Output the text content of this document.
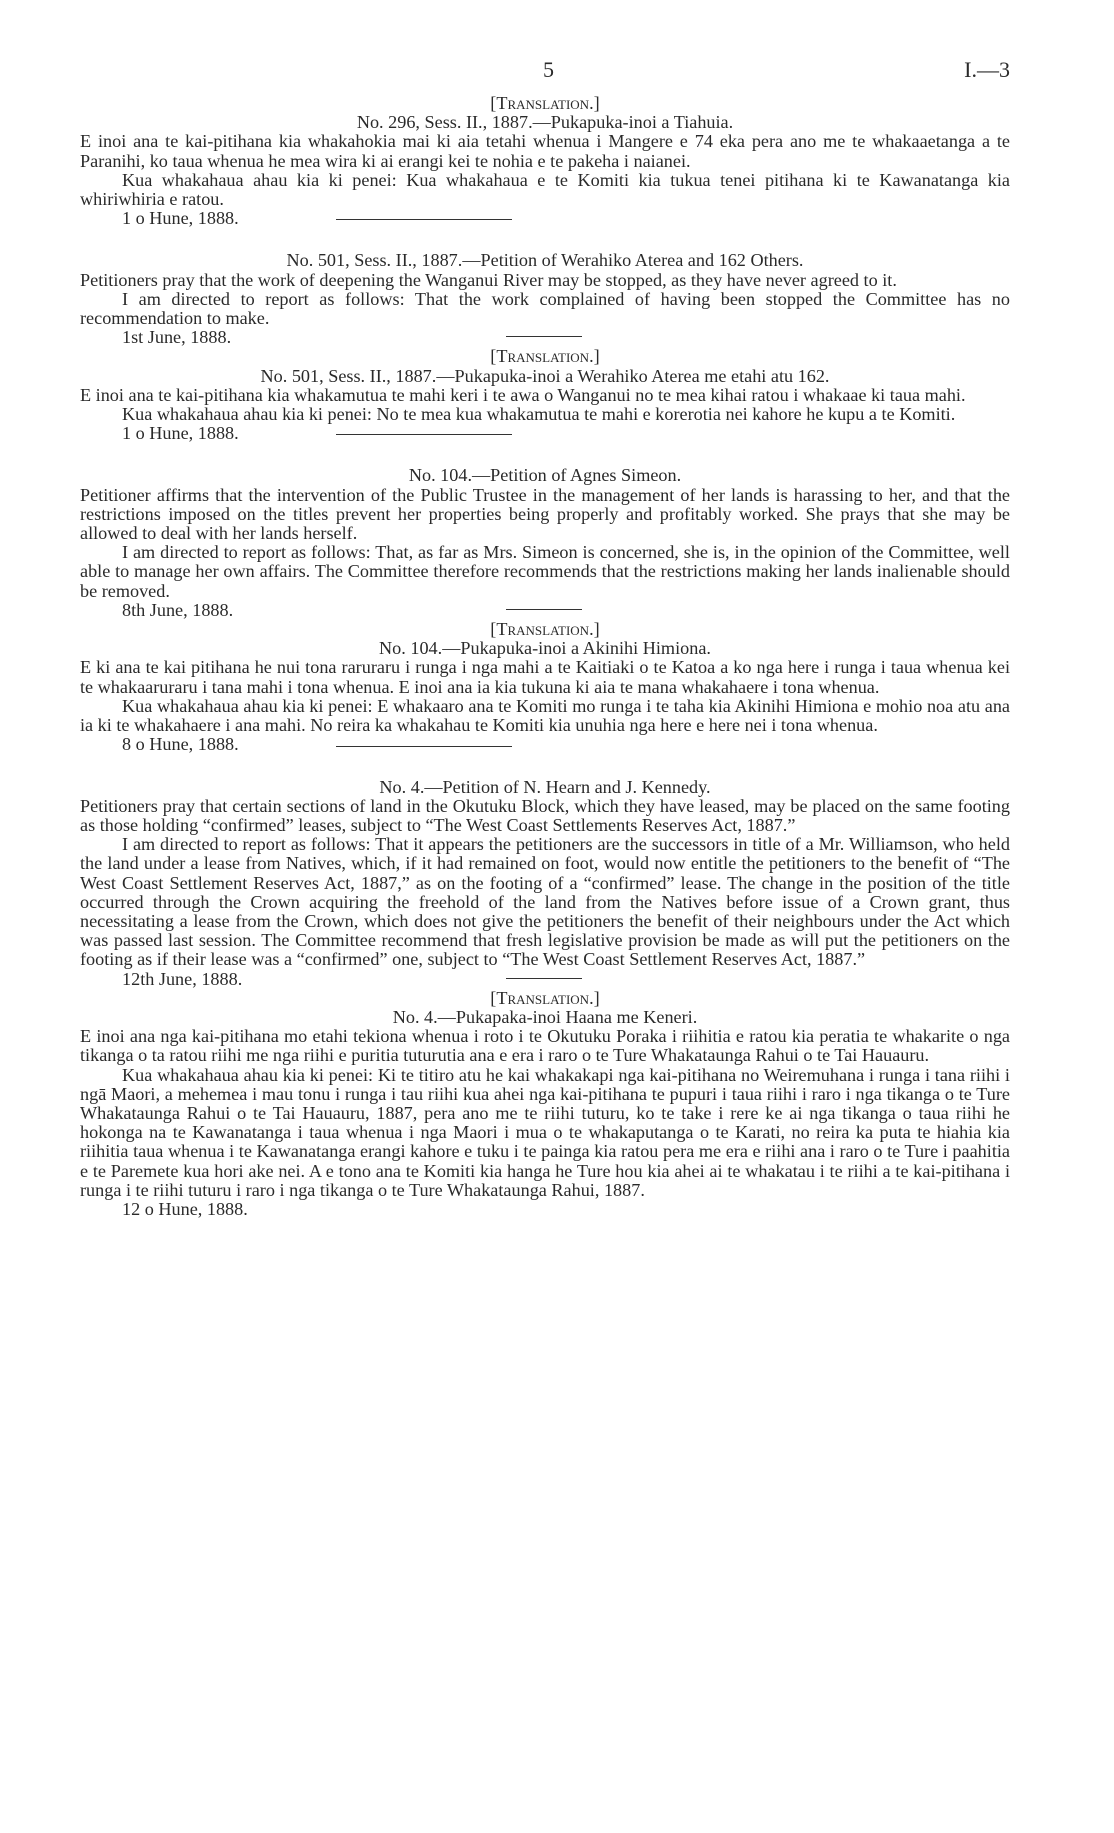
5	I.—3

[Translation.]

No. 296, Sess. II., 1887.—Pukapuka-inoi a Tiahuia.

E inoi ana te kai-pitihana kia whakahokia mai ki aia tetahi whenua i Mangere e 74 eka pera ano me te whakaaetanga a te Paranihi, ko taua whenua he mea wira ki ai erangi kei te nohia e te pakeha i naianei.

Kua whakahaua ahau kia ki penei: Kua whakahaua e te Komiti kia tukua tenei pitihana ki te Kawanatanga kia whiriwhiria e ratou.

1 o Hune, 1888.

No. 501, Sess. II., 1887.—Petition of Werahiko Aterea and 162 Others.

Petitioners pray that the work of deepening the Wanganui River may be stopped, as they have never agreed to it.

I am directed to report as follows: That the work complained of having been stopped the Committee has no recommendation to make.

1st June, 1888.

[Translation.]

No. 501, Sess. II., 1887.—Pukapuka-inoi a Werahiko Aterea me etahi atu 162.

E inoi ana te kai-pitihana kia whakamutua te mahi keri i te awa o Wanganui no te mea kihai ratou i whakaae ki taua mahi.

Kua whakahaua ahau kia ki penei: No te mea kua whakamutua te mahi e korerotia nei kahore he kupu a te Komiti.

1 o Hune, 1888.

No. 104.—Petition of Agnes Simeon.

Petitioner affirms that the intervention of the Public Trustee in the management of her lands is harassing to her, and that the restrictions imposed on the titles prevent her properties being properly and profitably worked. She prays that she may be allowed to deal with her lands herself.

I am directed to report as follows: That, as far as Mrs. Simeon is concerned, she is, in the opinion of the Committee, well able to manage her own affairs. The Committee therefore recommends that the restrictions making her lands inalienable should be removed.

8th June, 1888.

[Translation.]

No. 104.—Pukapuka-inoi a Akinihi Himiona.

E ki ana te kai pitihana he nui tona raruraru i runga i nga mahi a te Kaitiaki o te Katoa a ko nga here i runga i taua whenua kei te whakaaruraru i tana mahi i tona whenua. E inoi ana ia kia tukuna ki aia te mana whakahaere i tona whenua.

Kua whakahaua ahau kia ki penei: E whakaaro ana te Komiti mo runga i te taha kia Akinihi Himiona e mohio noa atu ana ia ki te whakahaere i ana mahi. No reira ka whakahau te Komiti kia unuhia nga here e here nei i tona whenua.

8 o Hune, 1888.

No. 4.—Petition of N. Hearn and J. Kennedy.

Petitioners pray that certain sections of land in the Okutuku Block, which they have leased, may be placed on the same footing as those holding “confirmed” leases, subject to “The West Coast Settlements Reserves Act, 1887.”

I am directed to report as follows: That it appears the petitioners are the successors in title of a Mr. Williamson, who held the land under a lease from Natives, which, if it had remained on foot, would now entitle the petitioners to the benefit of “The West Coast Settlement Reserves Act, 1887,” as on the footing of a “confirmed” lease. The change in the position of the title occurred through the Crown acquiring the freehold of the land from the Natives before issue of a Crown grant, thus necessitating a lease from the Crown, which does not give the petitioners the benefit of their neighbours under the Act which was passed last session. The Committee recommend that fresh legislative provision be made as will put the petitioners on the footing as if their lease was a “confirmed” one, subject to “The West Coast Settlement Reserves Act, 1887.”

12th June, 1888.

[Translation.]

No. 4.—Pukapaka-inoi Haana me Keneri.

E inoi ana nga kai-pitihana mo etahi tekiona whenua i roto i te Okutuku Poraka i riihitia e ratou kia peratia te whakarite o nga tikanga o ta ratou riihi me nga riihi e puritia tuturutia ana e era i raro o te Ture Whakataunga Rahui o te Tai Hauauru.

Kua whakahaua ahau kia ki penei: Ki te titiro atu he kai whakakapi nga kai-pitihana no Weiremuhana i runga i tana riihi i ngā Maori, a mehemea i mau tonu i runga i tau riihi kua ahei nga kai-pitihana te pupuri i taua riihi i raro i nga tikanga o te Ture Whakataunga Rahui o te Tai Hauauru, 1887, pera ano me te riihi tuturu, ko te take i rere ke ai nga tikanga o taua riihi he hokonga na te Kawanatanga i taua whenua i nga Maori i mua o te whakaputanga o te Karati, no reira ka puta te hiahia kia riihitia taua whenua i te Kawanatanga erangi kahore e tuku i te painga kia ratou pera me era e riihi ana i raro o te Ture i paahitia e te Paremete kua hori ake nei. A e tono ana te Komiti kia hanga he Ture hou kia ahei ai te whakatau i te riihi a te kai-pitihana i runga i te riihi tuturu i raro i nga tikanga o te Ture Whakataunga Rahui, 1887.

12 o Hune, 1888.
